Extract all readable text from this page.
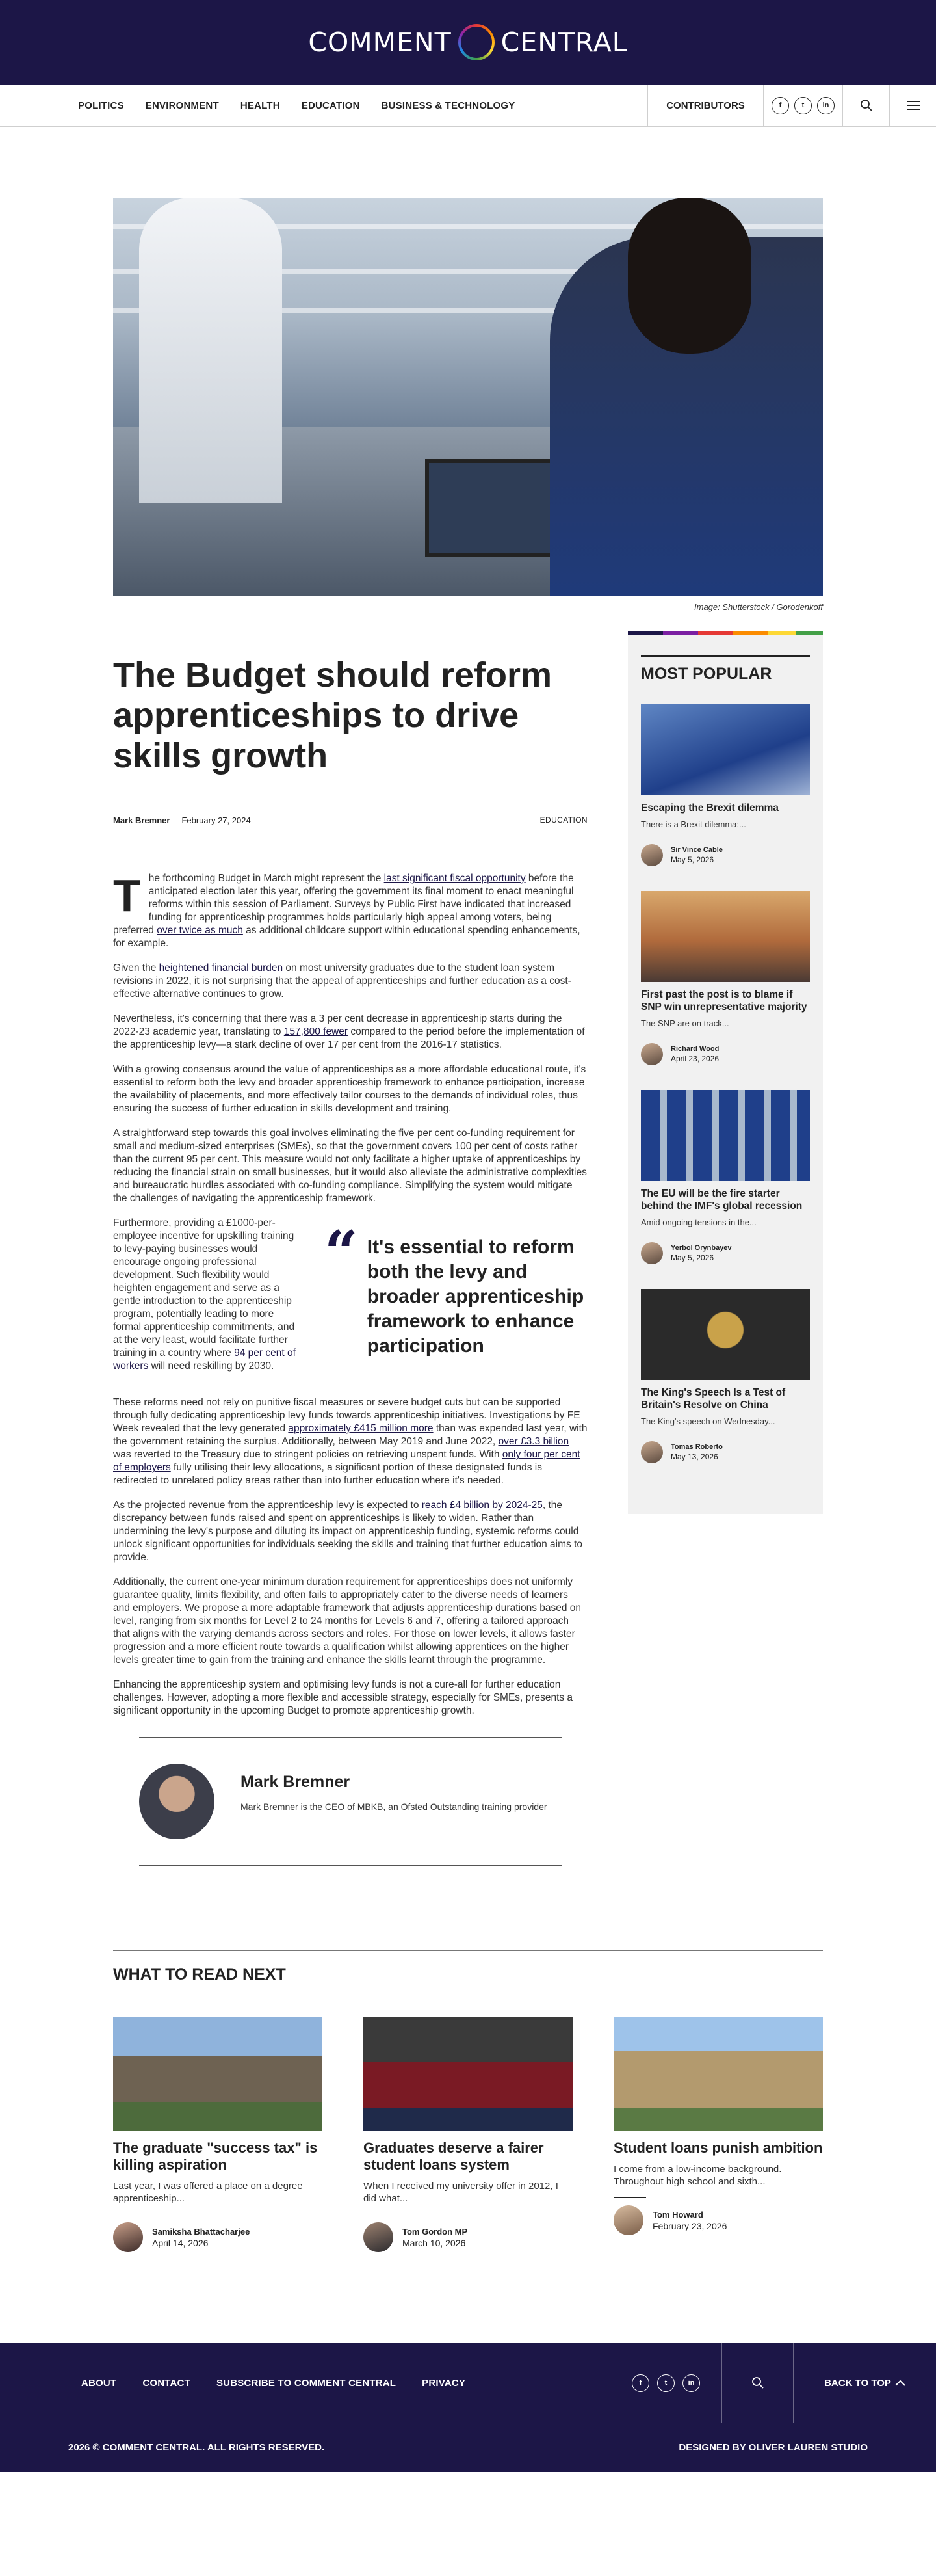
COMMENT CENTRAL
POLITICS ENVIRONMENT HEALTH EDUCATION BUSINESS & TECHNOLOGY	CONTRIBUTORS	f	t	in
Image: Shutterstock / Gorodenkoff
The Budget should reform apprenticeships to drive skills growth
Mark Bremner February 27, 2024	EDUCATION

The forthcoming Budget in March might represent the last significant fiscal opportunity before the anticipated election later this year, offering the government its final moment to enact meaningful reforms within this session of Parliament. Surveys by Public First have indicated that increased funding for apprenticeship programmes holds particularly high appeal among voters, being preferred over twice as much as additional childcare support within educational spending enhancements, for example.

Given the heightened financial burden on most university graduates due to the student loan system revisions in 2022, it is not surprising that the appeal of apprenticeships and further education as a cost-effective alternative continues to grow.

Nevertheless, it's concerning that there was a 3 per cent decrease in apprenticeship starts during the 2022-23 academic year, translating to 157,800 fewer compared to the period before the implementation of the apprenticeship levy—a stark decline of over 17 per cent from the 2016-17 statistics.

With a growing consensus around the value of apprenticeships as a more affordable educational route, it's essential to reform both the levy and broader apprenticeship framework to enhance participation, increase the availability of placements, and more effectively tailor courses to the demands of individual roles, thus ensuring the success of further education in skills development and training.

A straightforward step towards this goal involves eliminating the five per cent co-funding requirement for small and medium-sized enterprises (SMEs), so that the government covers 100 per cent of costs rather than the current 95 per cent. This measure would not only facilitate a higher uptake of apprenticeships by reducing the financial strain on small businesses, but it would also alleviate the administrative complexities and bureaucratic hurdles associated with co-funding compliance. Simplifying the system would mitigate the challenges of navigating the apprenticeship framework.

Furthermore, providing a £1000-per-employee incentive for upskilling training to levy-paying businesses would encourage ongoing professional development. Such flexibility would heighten engagement and serve as a gentle introduction to the apprenticeship program, potentially leading to more formal apprenticeship commitments, and at the very least, would facilitate further training in a country where 94 per cent of workers will need reskilling by 2030.

“ It's essential to reform both the levy and broader apprenticeship framework to enhance participation

These reforms need not rely on punitive fiscal measures or severe budget cuts but can be supported through fully dedicating apprenticeship levy funds towards apprenticeship initiatives. Investigations by FE Week revealed that the levy generated approximately £415 million more than was expended last year, with the government retaining the surplus. Additionally, between May 2019 and June 2022, over £3.3 billion was reverted to the Treasury due to stringent policies on retrieving unspent funds. With only four per cent of employers fully utilising their levy allocations, a significant portion of these designated funds is redirected to unrelated policy areas rather than into further education where it's needed.

As the projected revenue from the apprenticeship levy is expected to reach £4 billion by 2024-25, the discrepancy between funds raised and spent on apprenticeships is likely to widen. Rather than undermining the levy's purpose and diluting its impact on apprenticeship funding, systemic reforms could unlock significant opportunities for individuals seeking the skills and training that further education aims to provide.

Additionally, the current one-year minimum duration requirement for apprenticeships does not uniformly guarantee quality, limits flexibility, and often fails to appropriately cater to the diverse needs of learners and employers. We propose a more adaptable framework that adjusts apprenticeship durations based on level, ranging from six months for Level 2 to 24 months for Levels 6 and 7, offering a tailored approach that aligns with the varying demands across sectors and roles. For those on lower levels, it allows faster progression and a more efficient route towards a qualification whilst allowing apprentices on the higher levels greater time to gain from the training and enhance the skills learnt through the programme.

Enhancing the apprenticeship system and optimising levy funds is not a cure-all for further education challenges. However, adopting a more flexible and accessible strategy, especially for SMEs, presents a significant opportunity in the upcoming Budget to promote apprenticeship growth.

Mark Bremner
Mark Bremner is the CEO of MBKB, an Ofsted Outstanding training provider
MOST POPULAR
Escaping the Brexit dilemma
There is a Brexit dilemma:...
Sir Vince Cable
May 5, 2026
First past the post is to blame if SNP win unrepresentative majority
The SNP are on track...
Richard Wood
April 23, 2026
The EU will be the fire starter behind the IMF's global recession
Amid ongoing tensions in the...
Yerbol Orynbayev
May 5, 2026
The King's Speech Is a Test of Britain's Resolve on China
The King's speech on Wednesday...
Tomas Roberto
May 13, 2026
WHAT TO READ NEXT
The graduate "success tax" is killing aspiration
Last year, I was offered a place on a degree apprenticeship...
Samiksha Bhattacharjee
April 14, 2026
Graduates deserve a fairer student loans system
When I received my university offer in 2012, I did what...
Tom Gordon MP
March 10, 2026
Student loans punish ambition
I come from a low-income background. Throughout high school and sixth...
Tom Howard
February 23, 2026
ABOUT	CONTACT	SUBSCRIBE TO COMMENT CENTRAL	PRIVACY	f	t	in	BACK TO TOP
2026 © COMMENT CENTRAL. ALL RIGHTS RESERVED.	DESIGNED BY OLIVER LAUREN STUDIO
